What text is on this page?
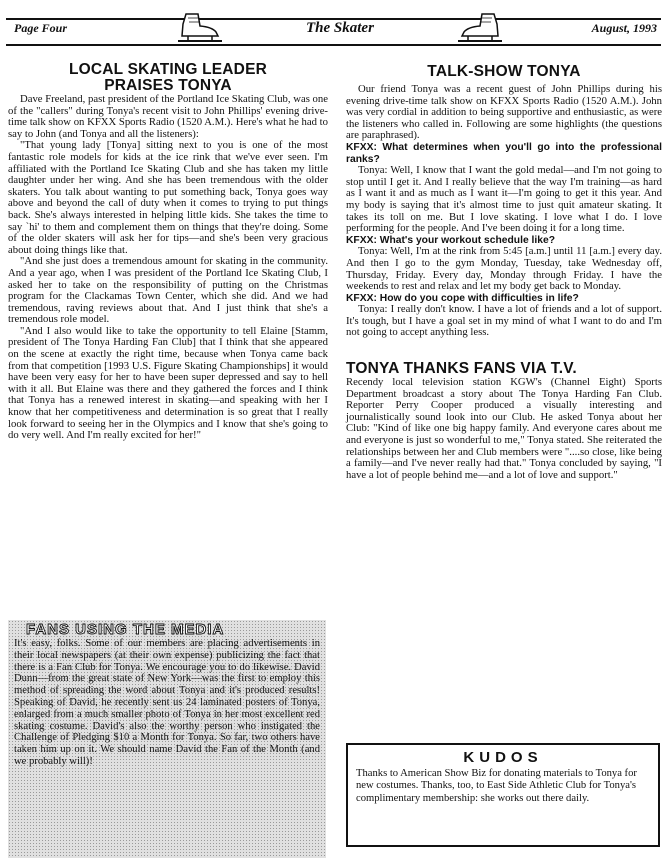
Page Four	The Skater	August, 1993
LOCAL SKATING LEADER
PRAISES TONYA

Dave Freeland, past president of the Portland Ice Skating Club, was one of the "callers" during Tonya's recent visit to John Phillips' evening drive-time talk show on KFXX Sports Radio (1520 A.M.). Here's what he had to say to John (and Tonya and all the listeners):

"That young lady [Tonya] sitting next to you is one of the most fantastic role models for kids at the ice rink that we've ever seen. I'm affiliated with the Portland Ice Skating Club and she has taken my little daughter under her wing. And she has been tremendous with the older skaters. You talk about wanting to put something back, Tonya goes way above and beyond the call of duty when it comes to trying to put things back. She's always interested in helping little kids. She takes the time to say `hi' to them and complement them on things that they're doing. Some of the older skaters will ask her for tips—and she's been very gracious about doing things like that.

"And she just does a tremendous amount for skating in the community. And a year ago, when I was president of the Portland Ice Skating Club, I asked her to take on the responsibility of putting on the Christmas program for the Clackamas Town Center, which she did. And we had tremendous, raving reviews about that. And I just think that she's a tremendous role model.

"And I also would like to take the opportunity to tell Elaine [Stamm, president of The Tonya Harding Fan Club] that I think that she appeared on the scene at exactly the right time, because when Tonya came back from that competition [1993 U.S. Figure Skating Championships] it would have been very easy for her to have been super depressed and say to hell with it all. But Elaine was there and they gathered the forces and I think that Tonya has a renewed interest in skating—and speaking with her I know that her competitiveness and determination is so great that I really look forward to seeing her in the Olympics and I know that she's going to do very well. And I'm really excited for her!"

FANS USING THE MEDIA
It's easy, folks. Some of our members are placing advertisements in their local newspapers (at their own expense) publicizing the fact that there is a Fan Club for Tonya. We encourage you to do likewise. David Dunn—from the great state of New York—was the first to employ this method of spreading the word about Tonya and it's produced results! Speaking of David, he recently sent us 24 laminated posters of Tonya, enlarged from a much smaller photo of Tonya in her most excellent red skating costume. David's also the worthy person who instigated the Challenge of Pledging $10 a Month for Tonya. So far, two others have taken him up on it. We should name David the Fan of the Month (and we probably will)!
TALK-SHOW TONYA

Our friend Tonya was a recent guest of John Phillips during his evening drive-time talk show on KFXX Sports Radio (1520 A.M.). John was very cordial in addition to being supportive and enthusiastic, as were the listeners who called in. Following are some highlights (the questions are paraphrased).

KFXX: What determines when you'll go into the professional ranks?

Tonya: Well, I know that I want the gold medal—and I'm not going to stop until I get it. And I really believe that the way I'm training—as hard as I want it and as much as I want it—I'm going to get it this year. And my body is saying that it's almost time to just quit amateur skating. It takes its toll on me. But I love skating. I love what I do. I love performing for the people. And I've been doing it for a long time.

KFXX: What's your workout schedule like?

Tonya: Well, I'm at the rink from 5:45 [a.m.] until 11 [a.m.] every day. And then I go to the gym Monday, Tuesday, take Wednesday off, Thursday, Friday. Every day, Monday through Friday. I have the weekends to rest and relax and let my body get back to Monday.

KFXX: How do you cope with difficulties in life?

Tonya: I really don't know. I have a lot of friends and a lot of support. It's tough, but I have a goal set in my mind of what I want to do and I'm not going to accept anything less.

TONYA THANKS FANS VIA T.V.

Recendy local television station KGW's (Channel Eight) Sports Department broadcast a story about The Tonya Harding Fan Club. Reporter Perry Cooper produced a visually interesting and journalistically sound look into our Club. He asked Tonya about her Club: "Kind of like one big happy family. And everyone cares about me and everyone is just so wonderful to me," Tonya stated. She reiterated the relationships between her and Club members were "....so close, like being a family—and I've never really had that." Tonya concluded by saying, "I have a lot of people behind me—and a lot of love and support."

KUDOS
Thanks to American Show Biz for donating materials to Tonya for new costumes. Thanks, too, to East Side Athletic Club for Tonya's complimentary membership: she works out there daily.
